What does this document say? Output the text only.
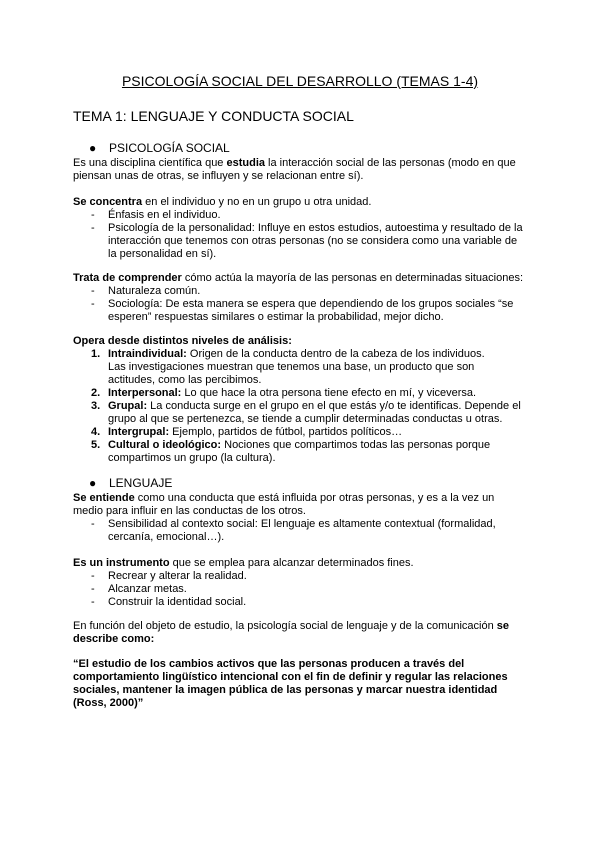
PSICOLOGÍA SOCIAL DEL DESARROLLO (TEMAS 1-4)
TEMA 1: LENGUAJE Y CONDUCTA SOCIAL
● PSICOLOGÍA SOCIAL
Es una disciplina científica que estudia la interacción social de las personas (modo en que
piensan unas de otras, se influyen y se relacionan entre sí).
Se concentra en el individuo y no en un grupo u otra unidad.
- Énfasis en el individuo.
- Psicología de la personalidad: Influye en estos estudios, autoestima y resultado de la
interacción que tenemos con otras personas (no se considera como una variable de
la personalidad en sí).
Trata de comprender cómo actúa la mayoría de las personas en determinadas situaciones:
- Naturaleza común.
- Sociología: De esta manera se espera que dependiendo de los grupos sociales “se
esperen” respuestas similares o estimar la probabilidad, mejor dicho.
Opera desde distintos niveles de análisis:
1. Intraindividual: Origen de la conducta dentro de la cabeza de los individuos.
Las investigaciones muestran que tenemos una base, un producto que son
actitudes, como las percibimos.
2. Interpersonal: Lo que hace la otra persona tiene efecto en mí, y viceversa.
3. Grupal: La conducta surge en el grupo en el que estás y/o te identificas. Depende el
grupo al que se pertenezca, se tiende a cumplir determinadas conductas u otras.
4. Intergrupal: Ejemplo, partidos de fútbol, partidos políticos…
5. Cultural o ideológico: Nociones que compartimos todas las personas porque
compartimos un grupo (la cultura).
● LENGUAJE
Se entiende como una conducta que está influida por otras personas, y es a la vez un
medio para influir en las conductas de los otros.
- Sensibilidad al contexto social: El lenguaje es altamente contextual (formalidad,
cercanía, emocional…).
Es un instrumento que se emplea para alcanzar determinados fines.
- Recrear y alterar la realidad.
- Alcanzar metas.
- Construir la identidad social.
En función del objeto de estudio, la psicología social de lenguaje y de la comunicación se
describe como:
“El estudio de los cambios activos que las personas producen a través del
comportamiento lingüístico intencional con el fin de definir y regular las relaciones
sociales, mantener la imagen pública de las personas y marcar nuestra identidad
(Ross, 2000)”
